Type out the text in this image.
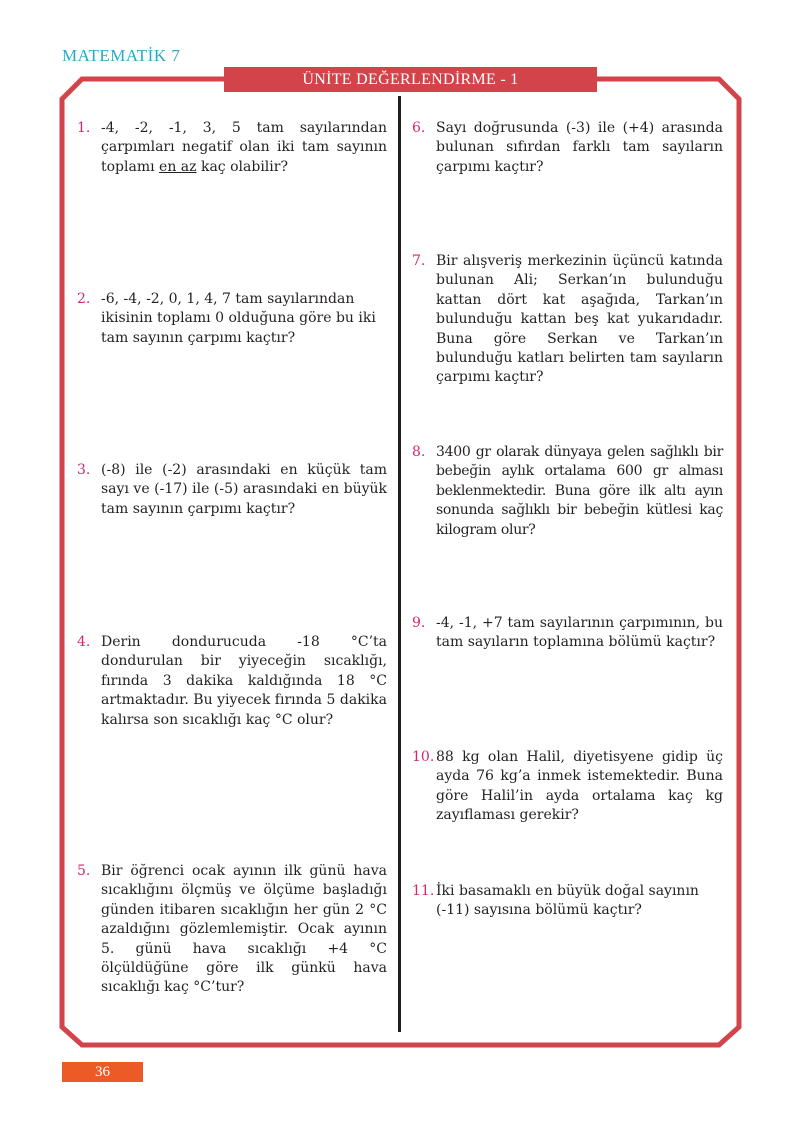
MATEMATİK 7
ÜNİTE DEĞERLENDİRME - 1
1. -4, -2, -1, 3, 5 tam sayılarından çarpımları negatif olan iki tam sayının toplamı en az kaç olabilir?
2. -6, -4, -2, 0, 1, 4, 7 tam sayılarından ikisinin toplamı 0 olduğuna göre bu iki tam sayının çarpımı kaçtır?
3. (-8) ile (-2) arasındaki en küçük tam sayı ve (-17) ile (-5) arasındaki en büyük tam sayının çarpımı kaçtır?
4. Derin dondurucuda -18 °C’ta dondurulan bir yiyeceğin sıcaklığı, fırında 3 dakika kaldığında 18 °C artmaktadır. Bu yiyecek fırında 5 dakika kalırsa son sıcaklığı kaç °C olur?
5. Bir öğrenci ocak ayının ilk günü hava sıcaklığını ölçmüş ve ölçüme başladığı günden itibaren sıcaklığın her gün 2 °C azaldığını gözlemlemiştir. Ocak ayının 5. günü hava sıcaklığı +4 °C ölçüldüğüne göre ilk günkü hava sıcaklığı kaç °C’tur?
6. Sayı doğrusunda (-3) ile (+4) arasında bulunan sıfırdan farklı tam sayıların çarpımı kaçtır?
7. Bir alışveriş merkezinin üçüncü katında bulunan Ali; Serkan’ın bulunduğu kattan dört kat aşağıda, Tarkan’ın bulunduğu kattan beş kat yukarıdadır. Buna göre Serkan ve Tarkan’ın bulunduğu katları belirten tam sayıların çarpımı kaçtır?
8. 3400 gr olarak dünyaya gelen sağlıklı bir bebeğin aylık ortalama 600 gr alması beklenmektedir. Buna göre ilk altı ayın sonunda sağlıklı bir bebeğin kütlesi kaç kilogram olur?
9. -4, -1, +7 tam sayılarının çarpımının, bu tam sayıların toplamına bölümü kaçtır?
10. 88 kg olan Halil, diyetisyene gidip üç ayda 76 kg’a inmek istemektedir. Buna göre Halil’in ayda ortalama kaç kg zayıflaması gerekir?
11. İki basamaklı en büyük doğal sayının (-11) sayısına bölümü kaçtır?
36
